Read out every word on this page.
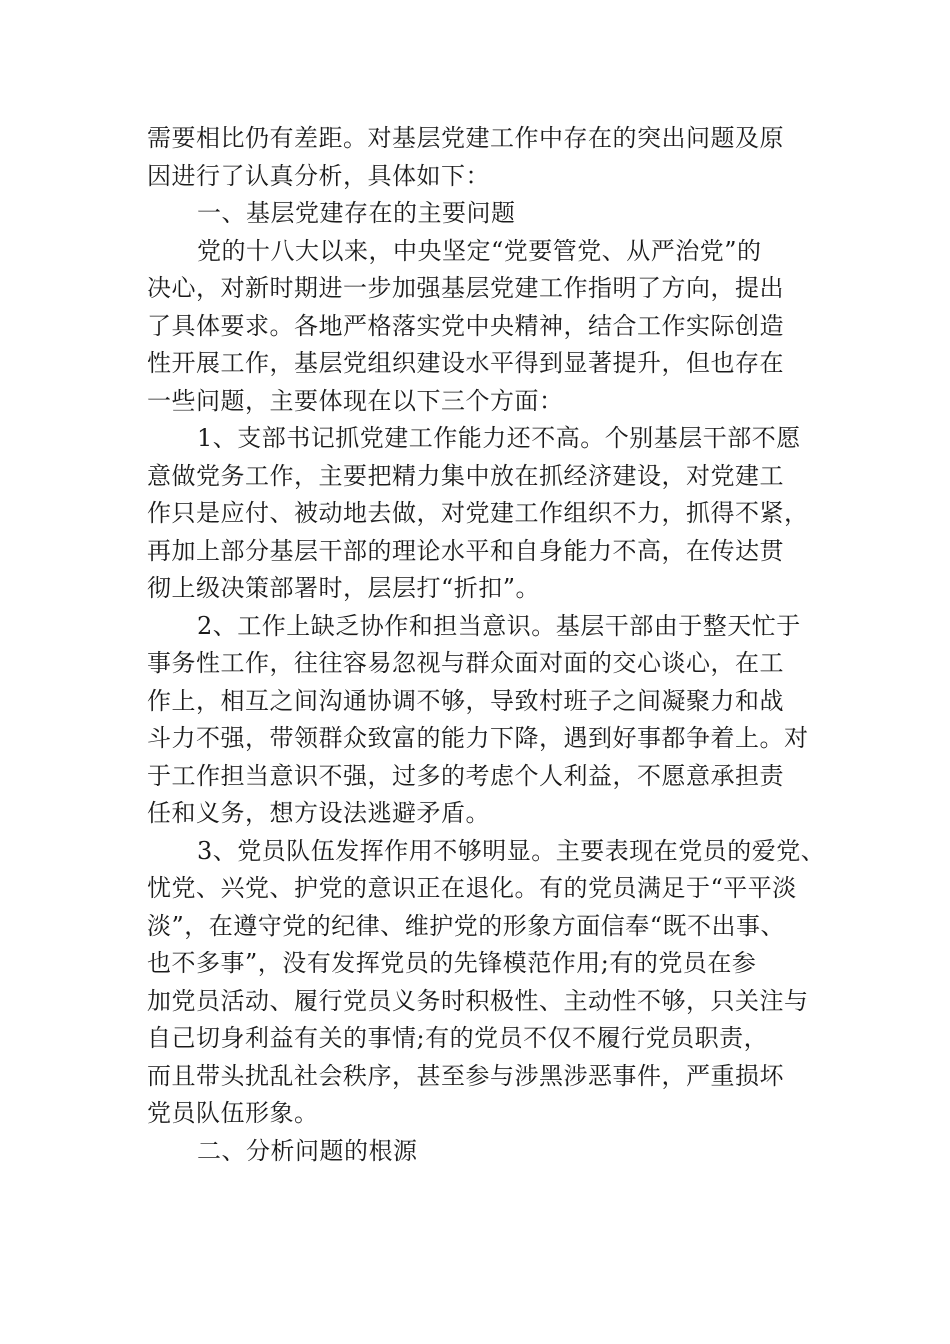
需要相比仍有差距。对基层党建工作中存在的突出问题及原
因进行了认真分析，具体如下：
一、基层党建存在的主要问题
党的十八大以来，中央坚定“党要管党、从严治党”的
决心，对新时期进一步加强基层党建工作指明了方向，提出
了具体要求。各地严格落实党中央精神，结合工作实际创造
性开展工作，基层党组织建设水平得到显著提升，但也存在
一些问题，主要体现在以下三个方面：
1、支部书记抓党建工作能力还不高。个别基层干部不愿
意做党务工作，主要把精力集中放在抓经济建设，对党建工
作只是应付、被动地去做，对党建工作组织不力，抓得不紧，
再加上部分基层干部的理论水平和自身能力不高，在传达贯
彻上级决策部署时，层层打“折扣”。
2、工作上缺乏协作和担当意识。基层干部由于整天忙于
事务性工作，往往容易忽视与群众面对面的交心谈心，在工
作上，相互之间沟通协调不够，导致村班子之间凝聚力和战
斗力不强，带领群众致富的能力下降，遇到好事都争着上。对
于工作担当意识不强，过多的考虑个人利益，不愿意承担责
任和义务，想方设法逃避矛盾。
3、党员队伍发挥作用不够明显。主要表现在党员的爱党、
忧党、兴党、护党的意识正在退化。有的党员满足于“平平淡
淡”，在遵守党的纪律、维护党的形象方面信奉“既不出事、
也不多事”，没有发挥党员的先锋模范作用;有的党员在参
加党员活动、履行党员义务时积极性、主动性不够，只关注与
自己切身利益有关的事情;有的党员不仅不履行党员职责，
而且带头扰乱社会秩序，甚至参与涉黑涉恶事件，严重损坏
党员队伍形象。
二、分析问题的根源
